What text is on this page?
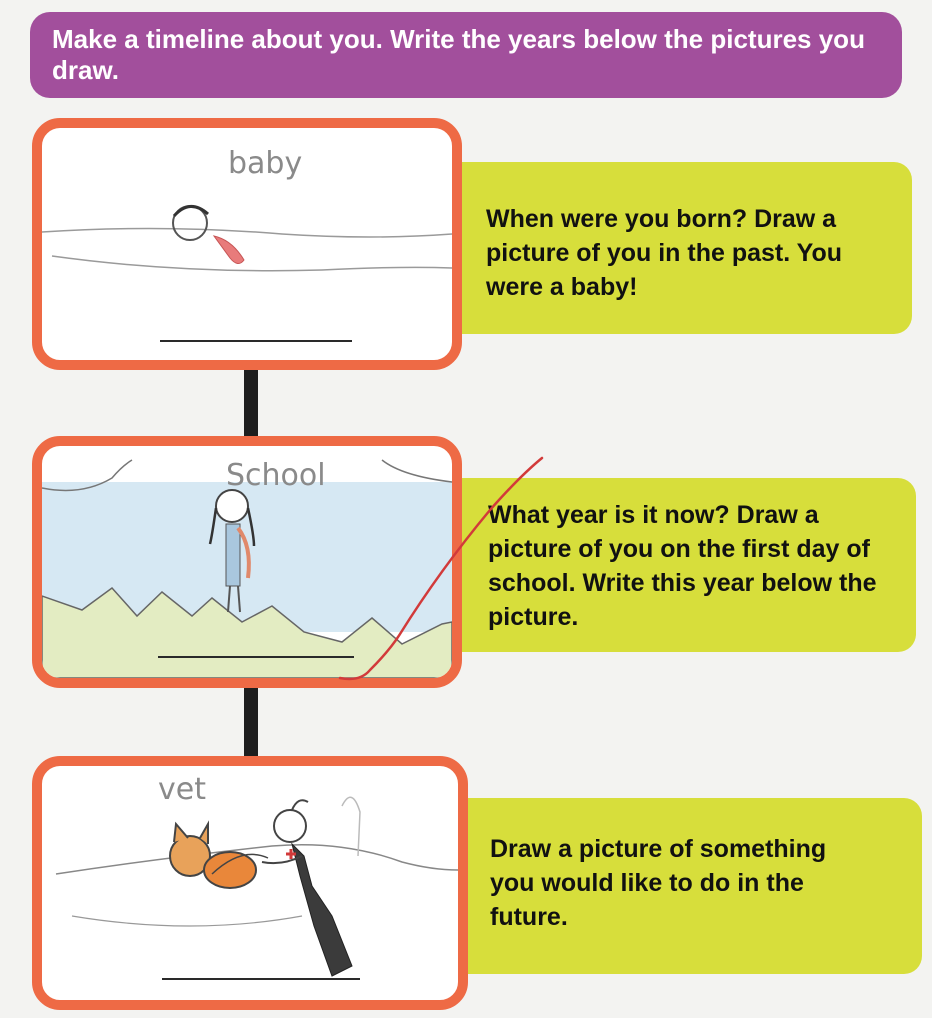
Make a timeline about you. Write the years below the pictures you draw.
When were you born? Draw a picture of you in the past. You were a baby!
What year is it now? Draw a picture of you on the first day of school. Write this year below the picture.
Draw a picture of something you would like to do in the future.
baby
School
vet
